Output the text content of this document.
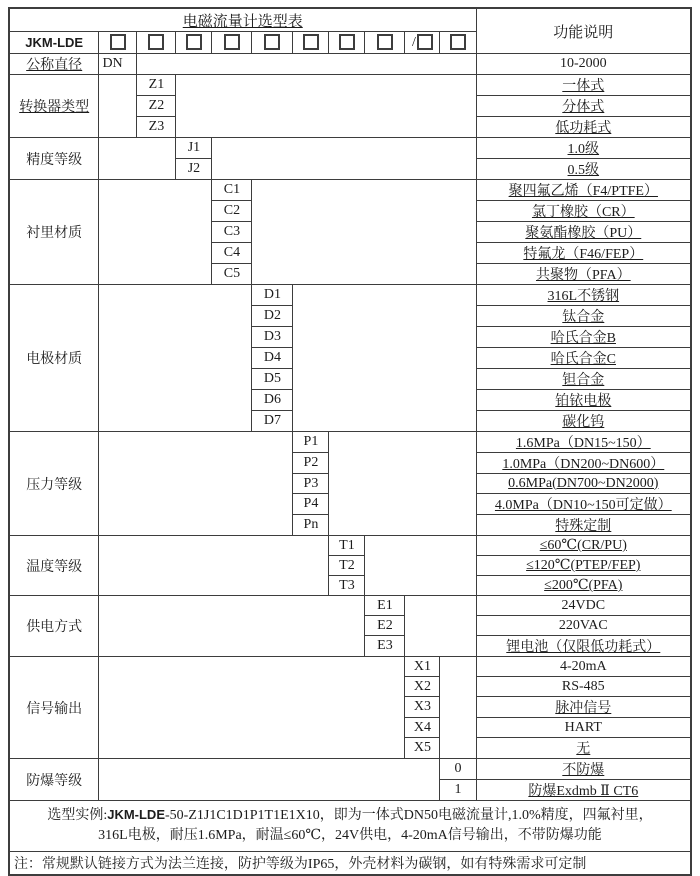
电磁流量计选型表											功能说明
JKM-LDE									/		
公称直径	DN										10-2000
转换器类型		Z1									一体式
		Z2									分体式
		Z3									低功耗式
精度等级			J1								1.0级
			J2								0.5级
衬里材质				C1							聚四氟乙烯（F4/PTFE）
				C2							氯丁橡胶（CR）
				C3							聚氨酯橡胶（PU）
				C4							特氟龙（F46/FEP）
				C5							共聚物（PFA）
电极材质					D1						316L不锈钢
					D2						钛合金
					D3						哈氏合金B
					D4						哈氏合金C
					D5						钽合金
					D6						铂铱电极
					D7						碳化钨
压力等级						P1					1.6MPa（DN15~150）
						P2					1.0MPa（DN200~DN600）
						P3					0.6MPa(DN700~DN2000)
						P4					4.0MPa（DN10~150可定做）
						Pn					特殊定制
温度等级							T1				≤60℃(CR/PU)
							T2				≤120℃(PTEP/FEP)
							T3				≤200℃(PFA)
供电方式								E1			24VDC
								E2			220VAC
								E3			锂电池（仅限低功耗式）
信号输出									X1		4-20mA
									X2		RS-485
									X3		脉冲信号
									X4		HART
									X5		无
防爆等级										0	不防爆
										1	防爆Exdmb Ⅱ CT6
选型实例:JKM-LDE-50-Z1J1C1D1P1T1E1X10，即为一体式DN50电磁流量计,1.0%精度，四氟衬里，
316L电极，耐压1.6MPa，耐温≤60℃，24V供电，4-20mA信号输出，不带防爆功能											
注：常规默认链接方式为法兰连接，防护等级为IP65，外壳材料为碳钢，如有特殊需求可定制											
